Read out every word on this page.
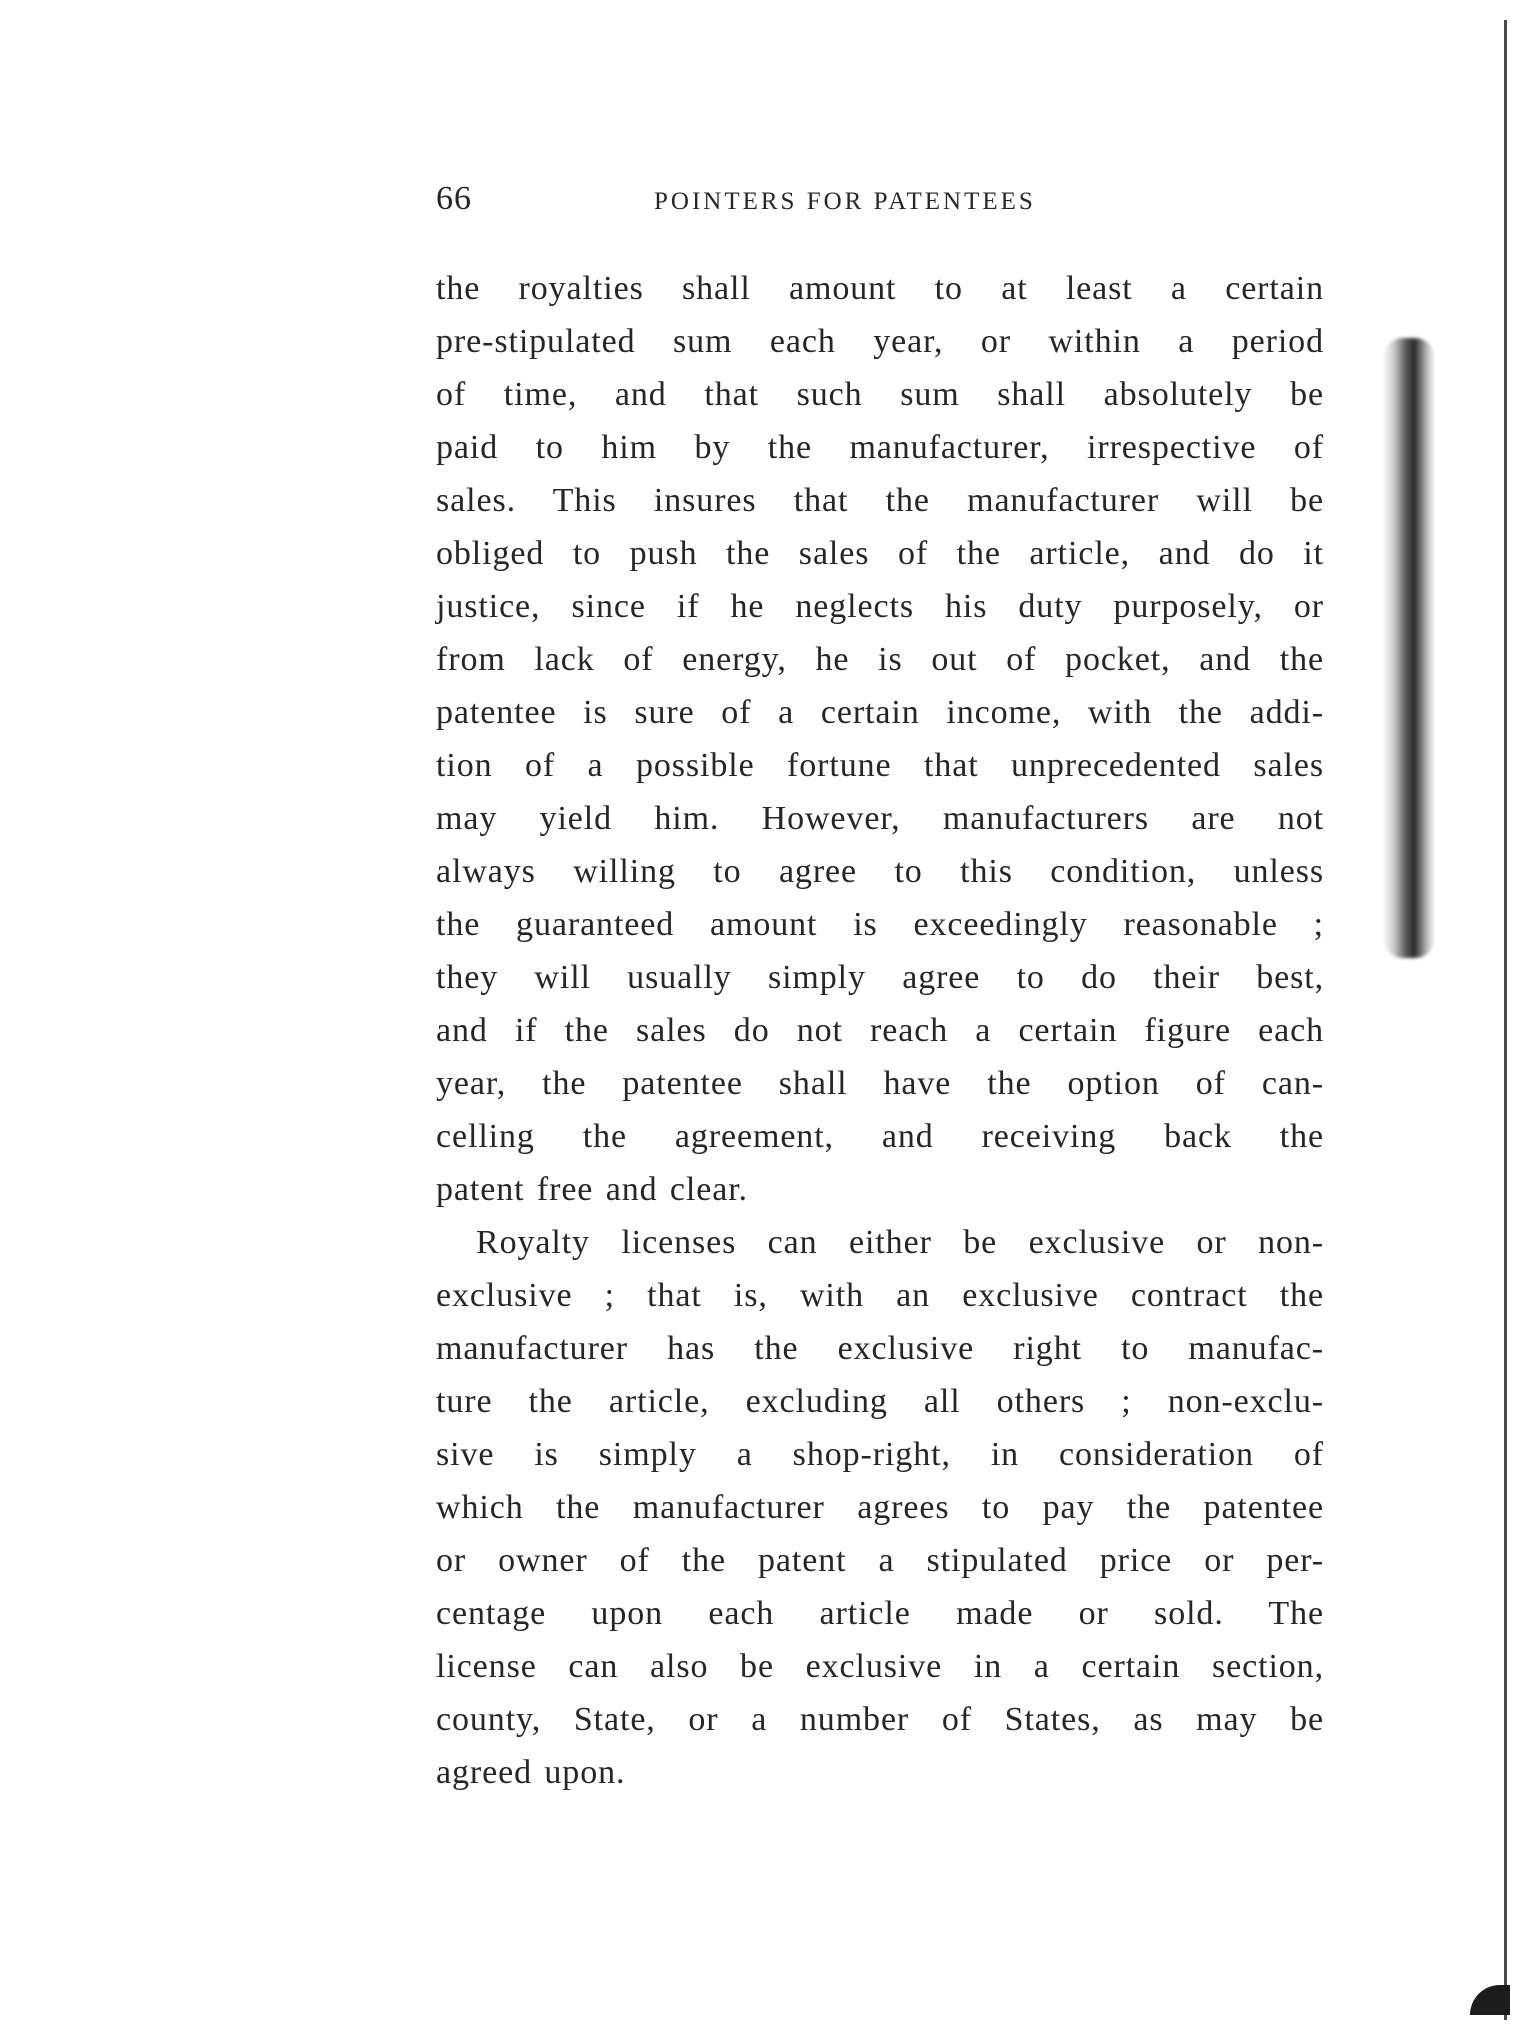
66	POINTERS FOR PATENTEES

the royalties shall amount to at least a certain
pre-stipulated sum each year, or within a period
of time, and that such sum shall absolutely be
paid to him by the manufacturer, irrespective of
sales. This insures that the manufacturer will be
obliged to push the sales of the article, and do it
justice, since if he neglects his duty purposely, or
from lack of energy, he is out of pocket, and the
patentee is sure of a certain income, with the addi-
tion of a possible fortune that unprecedented sales
may yield him. However, manufacturers are not
always willing to agree to this condition, unless
the guaranteed amount is exceedingly reasonable ;
they will usually simply agree to do their best,
and if the sales do not reach a certain figure each
year, the patentee shall have the option of can-
celling the agreement, and receiving back the
patent free and clear.

Royalty licenses can either be exclusive or non-
exclusive ; that is, with an exclusive contract the
manufacturer has the exclusive right to manufac-
ture the article, excluding all others ; non-exclu-
sive is simply a shop-right, in consideration of
which the manufacturer agrees to pay the patentee
or owner of the patent a stipulated price or per-
centage upon each article made or sold. The
license can also be exclusive in a certain section,
county, State, or a number of States, as may be
agreed upon.
